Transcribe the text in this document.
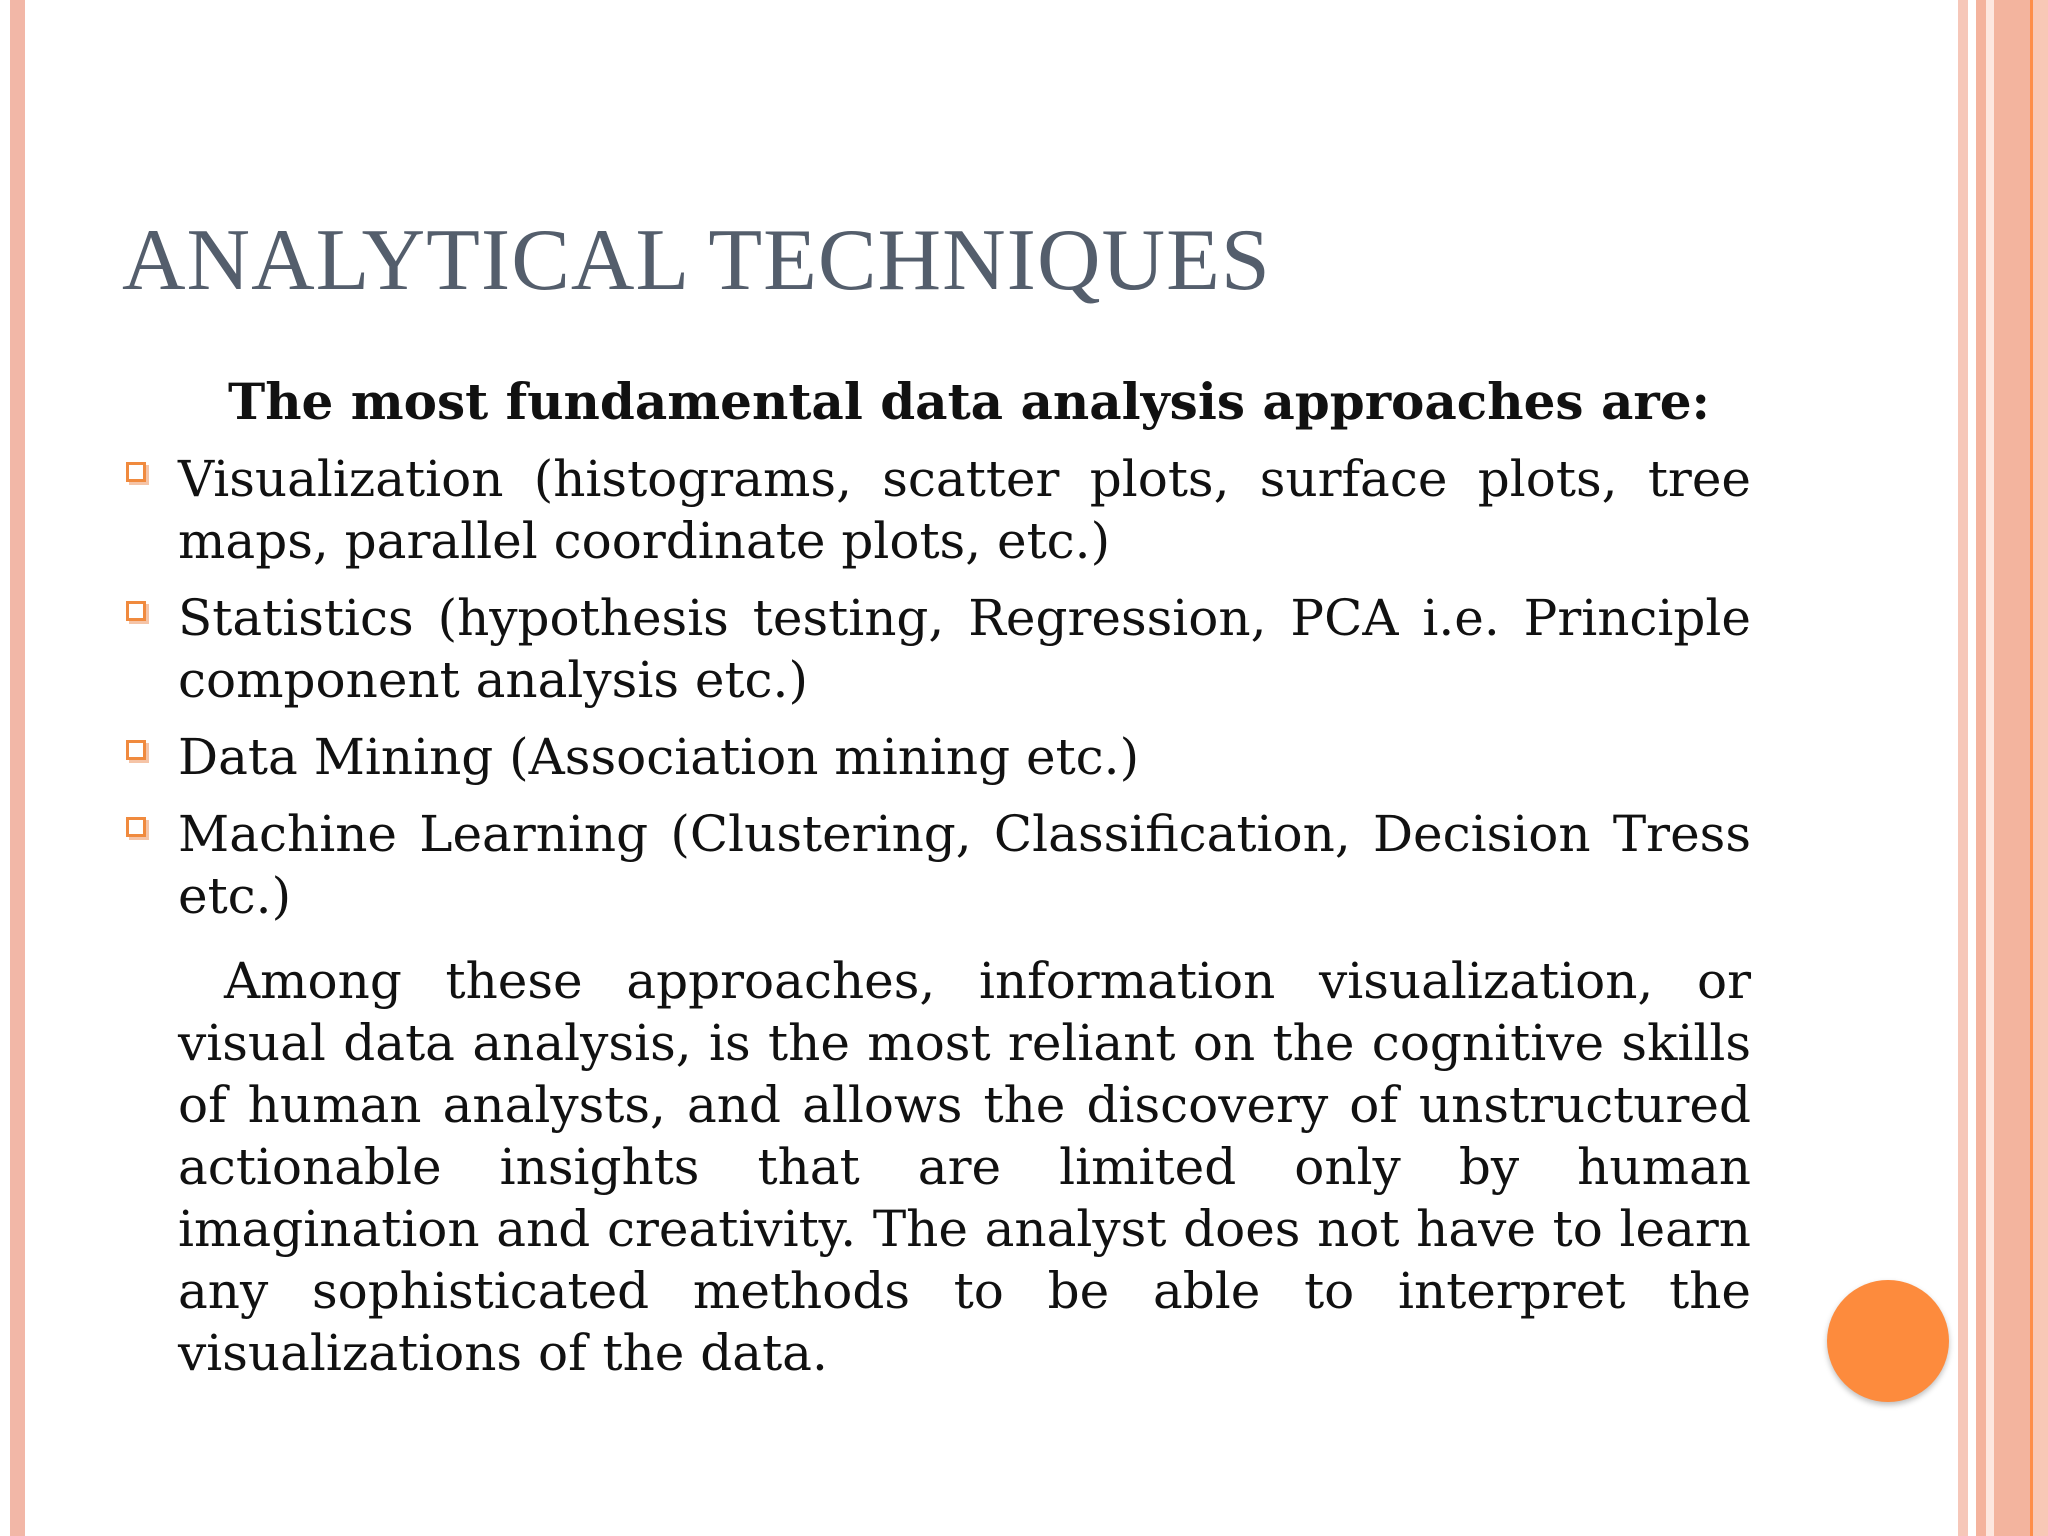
ANALYTICAL TECHNIQUES
The most fundamental data analysis approaches are:
Visualization (histograms, scatter plots, surface plots, tree maps, parallel coordinate plots, etc.)
Statistics (hypothesis testing, Regression, PCA i.e. Principle component analysis etc.)
Data Mining (Association mining etc.)
Machine Learning (Clustering, Classification, Decision Tress etc.)

Among these approaches, information visualization, or visual data analysis, is the most reliant on the cognitive skills of human analysts, and allows the discovery of unstructured actionable insights that are limited only by human imagination and creativity. The analyst does not have to learn any sophisticated methods to be able to interpret the visualizations of the data.
